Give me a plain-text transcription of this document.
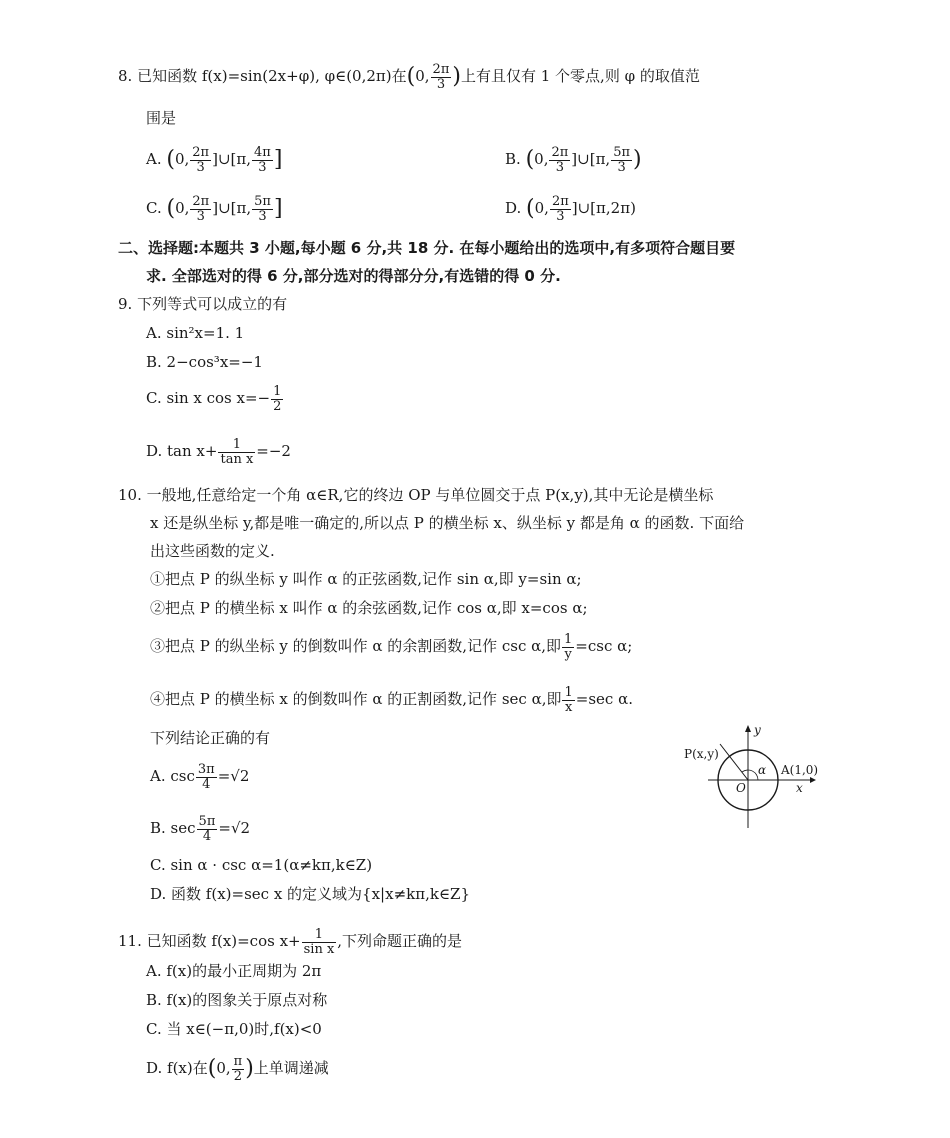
8. 已知函数 f(x)=sin(2x+φ), φ∈(0,2π)在(0, $\frac{2\pi}{3}$ )上有且仅有 1 个零点,则 φ 的取值范
围是
A. (0, $\frac{2\pi}{3}$ ]∪[π, $\frac{4\pi}{3}$ ]	B. (0, $\frac{2\pi}{3}$ ]∪[π, $\frac{5\pi}{3}$ )
C. (0, $\frac{2\pi}{3}$ ]∪[π, $\frac{5\pi}{3}$ ]	D. (0, $\frac{2\pi}{3}$ ]∪[π,2π)
二、选择题:本题共 3 小题,每小题 6 分,共 18 分. 在每小题给出的选项中,有多项符合题目要
求. 全部选对的得 6 分,部分选对的得部分分,有选错的得 0 分.
9. 下列等式可以成立的有
A. sin²x=1. 1
B. 2−cos³x=−1
C. sin x $\cos x=- \frac{1}{2}$
D. $\tan x+ \frac{1}{\text{tan x}} =-2$
10. 一般地,任意给定一个角 α∈R,它的终边 OP 与单位圆交于点 P(x,y),其中无论是横坐标
x 还是纵坐标 y,都是唯一确定的,所以点 P 的横坐标 x、纵坐标 y 都是角 α 的函数. 下面给
出这些函数的定义.
①把点 P 的纵坐标 y 叫作 α 的正弦函数,记作 sin α,即 y=sin α;
②把点 P 的横坐标 x 叫作 α 的余弦函数,记作 cos α,即 x=cos α;
③把点 P 的纵坐标 y 的倒数叫作 α 的余割函数,记作 csc α,即 $\frac{1}{y} =\csc$ α;
④把点 P 的横坐标 x 的倒数叫作 α 的正割函数,记作 sec α,即 $\frac{1}{x} =\sec$ α.
下列结论正确的有
A. $\csc \frac{3\pi}{4} =√2$
B. $\sec \frac{5\pi}{4} =√2$
C. sin α · csc α=1(α≠kπ,k∈Z)
D. 函数 f(x)=sec x 的定义域为{x|x≠kπ,k∈Z}
P(x,y)
y
x
O
α A(1,0)
11. 已知函数 f(x)=cos $x+ \frac{1}{\text{sin x}}$ ,下列命题正确的是
A. f(x)的最小正周期为 2π
B. f(x)的图象关于原点对称
C. 当 x∈(−π,0)时,f(x)<0
D. f(x)在(0, $\frac{\pi}{2}$ )上单调递减
